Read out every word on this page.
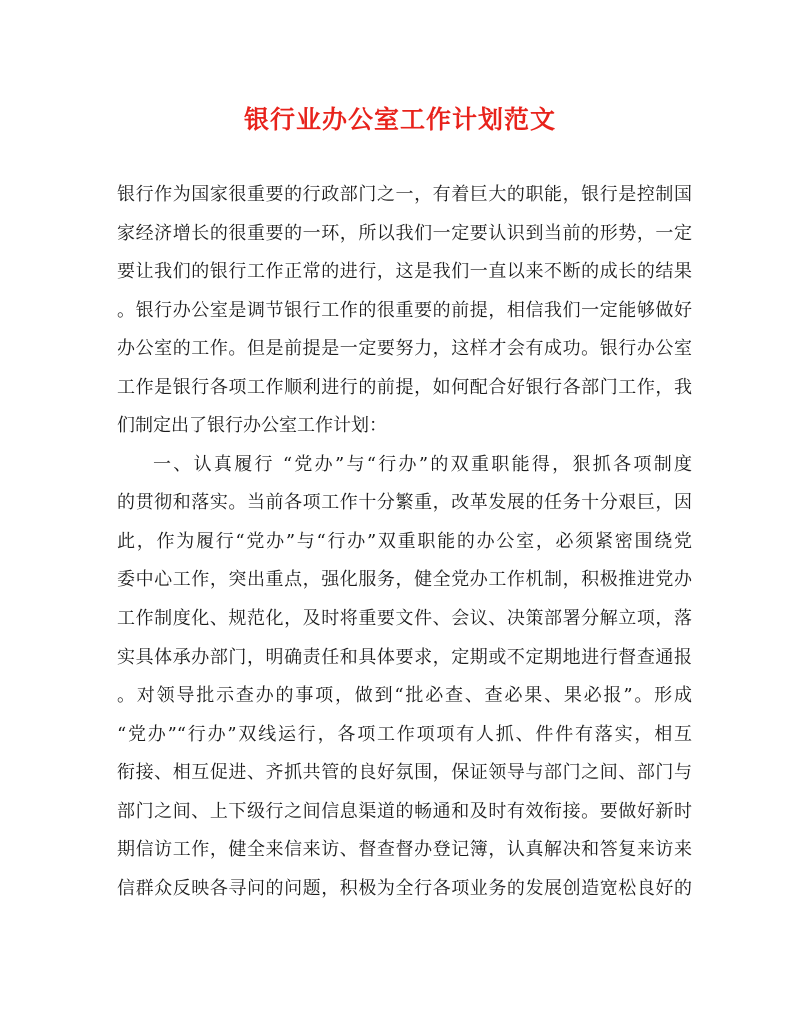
银行业办公室工作计划范文
银行作为国家很重要的行政部门之一，有着巨大的职能，银行是控制国
家经济增长的很重要的一环，所以我们一定要认识到当前的形势，一定
要让我们的银行工作正常的进行，这是我们一直以来不断的成长的结果
。银行办公室是调节银行工作的很重要的前提，相信我们一定能够做好
办公室的工作。但是前提是一定要努力，这样才会有成功。银行办公室
工作是银行各项工作顺利进行的前提，如何配合好银行各部门工作，我
们制定出了银行办公室工作计划：
一、认真履行 “党办”与“行办”的双重职能得，狠抓各项制度
的贯彻和落实。当前各项工作十分繁重，改革发展的任务十分艰巨，因
此，作为履行“党办”与“行办”双重职能的办公室，必须紧密围绕党
委中心工作，突出重点，强化服务，健全党办工作机制，积极推进党办
工作制度化、规范化，及时将重要文件、会议、决策部署分解立项，落
实具体承办部门，明确责任和具体要求，定期或不定期地进行督查通报
。对领导批示查办的事项，做到“批必查、查必果、果必报”。形成
“党办”“行办”双线运行，各项工作项项有人抓、件件有落实，相互
衔接、相互促进、齐抓共管的良好氛围，保证领导与部门之间、部门与
部门之间、上下级行之间信息渠道的畅通和及时有效衔接。要做好新时
期信访工作，健全来信来访、督查督办登记簿，认真解决和答复来访来
信群众反映各寻问的问题，积极为全行各项业务的发展创造宽松良好的
